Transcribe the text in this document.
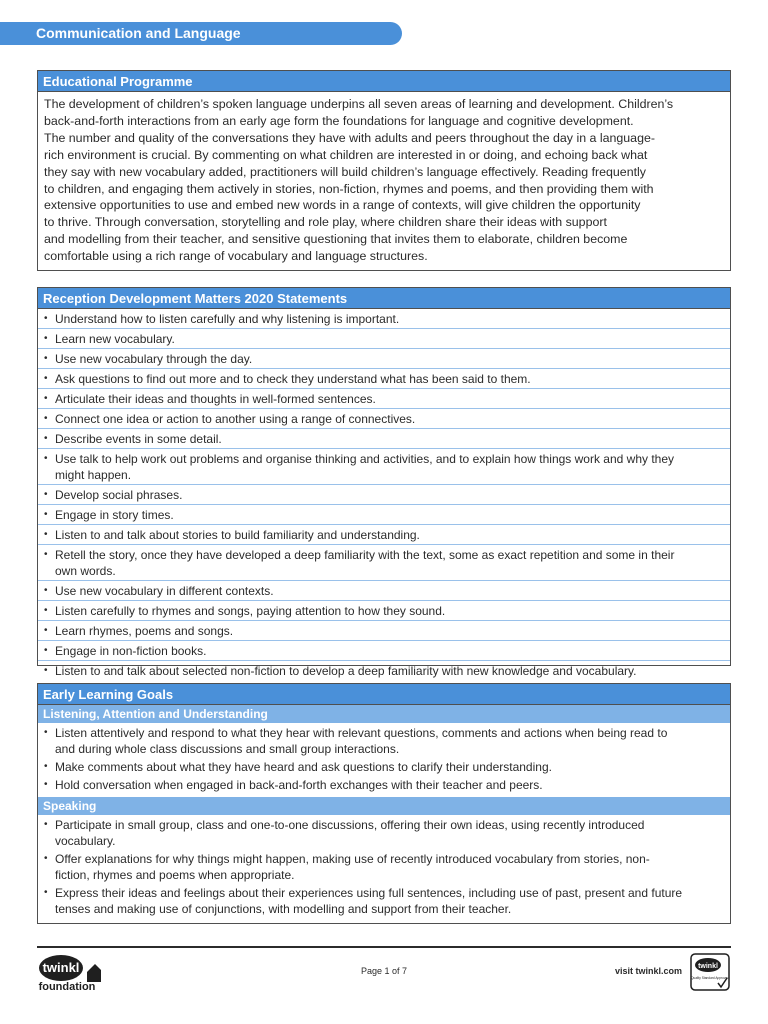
Communication and Language
Educational Programme
The development of children’s spoken language underpins all seven areas of learning and development. Children’s
back-and-forth interactions from an early age form the foundations for language and cognitive development.
The number and quality of the conversations they have with adults and peers throughout the day in a language-
rich environment is crucial. By commenting on what children are interested in or doing, and echoing back what
they say with new vocabulary added, practitioners will build children’s language effectively. Reading frequently
to children, and engaging them actively in stories, non-fiction, rhymes and poems, and then providing them with
extensive opportunities to use and embed new words in a range of contexts, will give children the opportunity
to thrive. Through conversation, storytelling and role play, where children share their ideas with support
and modelling from their teacher, and sensitive questioning that invites them to elaborate, children become
comfortable using a rich range of vocabulary and language structures.
Reception Development Matters 2020 Statements
• Understand how to listen carefully and why listening is important.
• Learn new vocabulary.
• Use new vocabulary through the day.
• Ask questions to find out more and to check they understand what has been said to them.
• Articulate their ideas and thoughts in well-formed sentences.
• Connect one idea or action to another using a range of connectives.
• Describe events in some detail.
• Use talk to help work out problems and organise thinking and activities, and to explain how things work and why they
might happen.
• Develop social phrases.
• Engage in story times.
• Listen to and talk about stories to build familiarity and understanding.
• Retell the story, once they have developed a deep familiarity with the text, some as exact repetition and some in their
own words.
• Use new vocabulary in different contexts.
• Listen carefully to rhymes and songs, paying attention to how they sound.
• Learn rhymes, poems and songs.
• Engage in non-fiction books.
• Listen to and talk about selected non-fiction to develop a deep familiarity with new knowledge and vocabulary.
Early Learning Goals
Listening, Attention and Understanding
• Listen attentively and respond to what they hear with relevant questions, comments and actions when being read to
and during whole class discussions and small group interactions.
• Make comments about what they have heard and ask questions to clarify their understanding.
• Hold conversation when engaged in back-and-forth exchanges with their teacher and peers.
Speaking
• Participate in small group, class and one-to-one discussions, offering their own ideas, using recently introduced
vocabulary.
• Offer explanations for why things might happen, making use of recently introduced vocabulary from stories, non-
fiction, rhymes and poems when appropriate.
• Express their ideas and feelings about their experiences using full sentences, including use of past, present and future
tenses and making use of conjunctions, with modelling and support from their teacher.
twinkl
foundation
Page 1 of 7	visit twinkl.com twinkl
Quality Standard Approved
